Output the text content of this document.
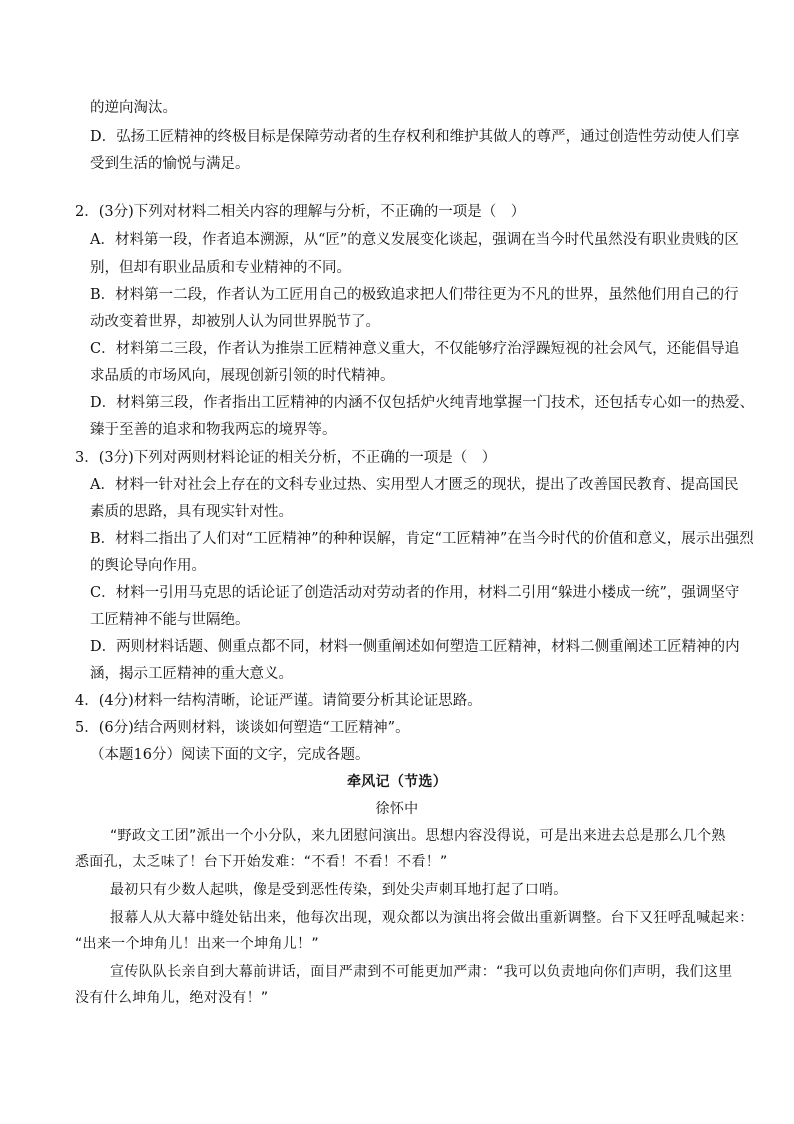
的逆向淘汰。
D．弘扬工匠精神的终极目标是保障劳动者的生存权利和维护其做人的尊严，通过创造性劳动使人们享
受到生活的愉悦与满足。
2．(3分)下列对材料二相关内容的理解与分析，不正确的一项是（　）
A．材料第一段，作者追本溯源，从“匠”的意义发展变化谈起，强调在当今时代虽然没有职业贵贱的区
别，但却有职业品质和专业精神的不同。
B．材料第一二段，作者认为工匠用自己的极致追求把人们带往更为不凡的世界，虽然他们用自己的行
动改变着世界，却被别人认为同世界脱节了。
C．材料第二三段，作者认为推崇工匠精神意义重大，不仅能够疗治浮躁短视的社会风气，还能倡导追
求品质的市场风向，展现创新引领的时代精神。
D．材料第三段，作者指出工匠精神的内涵不仅包括炉火纯青地掌握一门技术，还包括专心如一的热爱、
臻于至善的追求和物我两忘的境界等。
3．(3分)下列对两则材料论证的相关分析，不正确的一项是（　）
A．材料一针对社会上存在的文科专业过热、实用型人才匮乏的现状，提出了改善国民教育、提高国民
素质的思路，具有现实针对性。
B．材料二指出了人们对“工匠精神”的种种误解，肯定“工匠精神”在当今时代的价值和意义，展示出强烈
的舆论导向作用。
C．材料一引用马克思的话论证了创造活动对劳动者的作用，材料二引用“躲进小楼成一统”，强调坚守
工匠精神不能与世隔绝。
D．两则材料话题、侧重点都不同，材料一侧重阐述如何塑造工匠精神，材料二侧重阐述工匠精神的内
涵，揭示工匠精神的重大意义。
4．(4分)材料一结构清晰，论证严谨。请简要分析其论证思路。
5．(6分)结合两则材料，谈谈如何塑造“工匠精神”。
（本题16分）阅读下面的文字，完成各题。
牵风记（节选）
徐怀中
“野政文工团”派出一个小分队，来九团慰问演出。思想内容没得说，可是出来进去总是那么几个熟
悉面孔，太乏味了！台下开始发难：“不看！不看！不看！”
最初只有少数人起哄，像是受到恶性传染，到处尖声刺耳地打起了口哨。
报幕人从大幕中缝处钻出来，他每次出现，观众都以为演出将会做出重新调整。台下又狂呼乱喊起来：
“出来一个坤角儿！出来一个坤角儿！”
宣传队队长亲自到大幕前讲话，面目严肃到不可能更加严肃：“我可以负责地向你们声明，我们这里
没有什么坤角儿，绝对没有！”
